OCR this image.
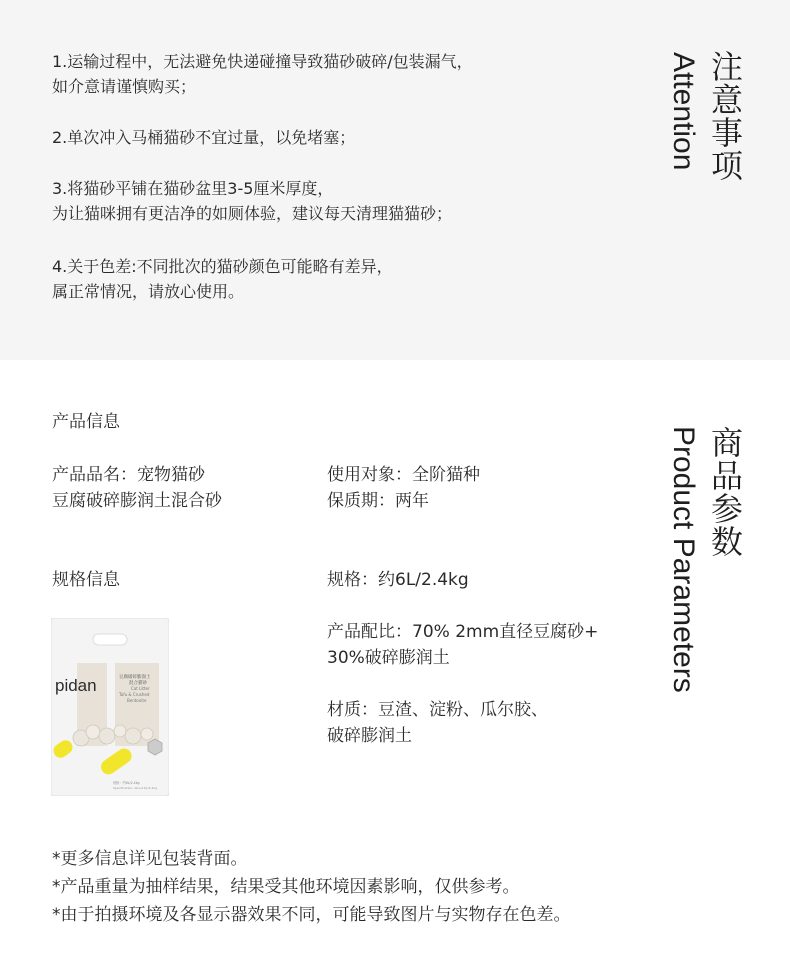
1.运输过程中，无法避免快递碰撞导致猫砂破碎/包装漏气，
如介意请谨慎购买；
2.单次冲入马桶猫砂不宜过量，以免堵塞；
3.将猫砂平铺在猫砂盆里3-5厘米厚度，
为让猫咪拥有更洁净的如厕体验，建议每天清理猫猫砂；
4.关于色差:不同批次的猫砂颜色可能略有差异，
属正常情况，请放心使用。
注意事项
Attention
商品参数
Product Parameters
产品信息
产品品名：宠物猫砂
豆腐破碎膨润土混合砂
使用对象：全阶猫种
保质期：两年
规格信息	规格：约6L/2.4kg
产品配比：70% 2mm直径豆腐砂+
30%破碎膨润土
材质：豆渣、淀粉、瓜尔胶、
破碎膨润土
pidan	豆腐破碎膨润土
混合猫砂
Cat Litter
Tofu & Crushed
Bentonite
规格：约6L/2.4kg
Specification: About 6L/2.4kg
*更多信息详见包装背面。
*产品重量为抽样结果，结果受其他环境因素影响，仅供参考。
*由于拍摄环境及各显示器效果不同，可能导致图片与实物存在色差。
